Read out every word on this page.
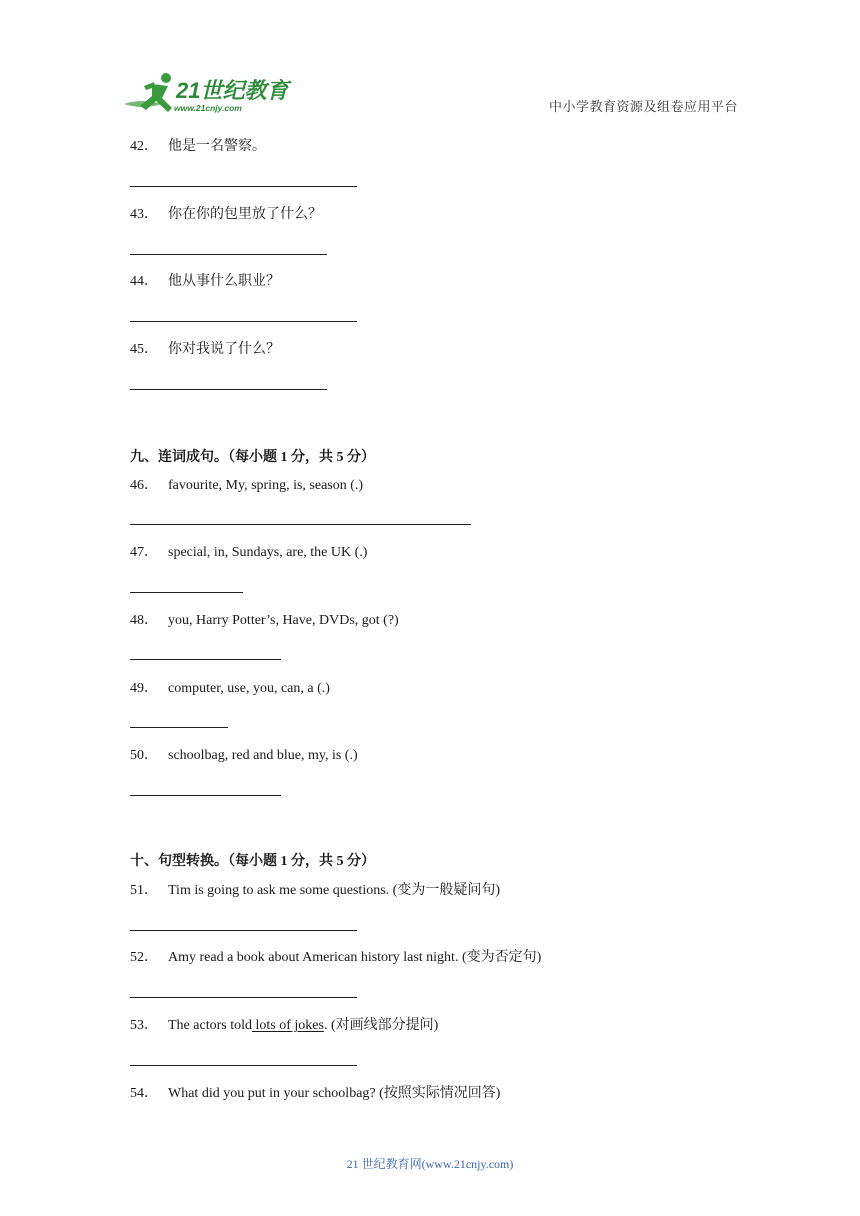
21世纪教育
www.21cnjy.com	中小学教育资源及组卷应用平台
42． 他是一名警察。
43． 你在你的包里放了什么？
44． 他从事什么职业？
45． 你对我说了什么？
九、连词成句。（每小题 1 分，共 5 分）
46． favourite, My, spring, is, season (.)
47． special, in, Sundays, are, the UK (.)
48． you, Harry Potter’s, Have, DVDs, got (?)
49． computer, use, you, can, a (.)
50． schoolbag, red and blue, my, is (.)
十、句型转换。（每小题 1 分，共 5 分）
51． Tim is going to ask me some questions. (变为一般疑问句)
52． Amy read a book about American history last night. (变为否定句)
53． The actors told lots of jokes. (对画线部分提问)
54． What did you put in your schoolbag? (按照实际情况回答)
21 世纪教育网(www.21cnjy.com)
